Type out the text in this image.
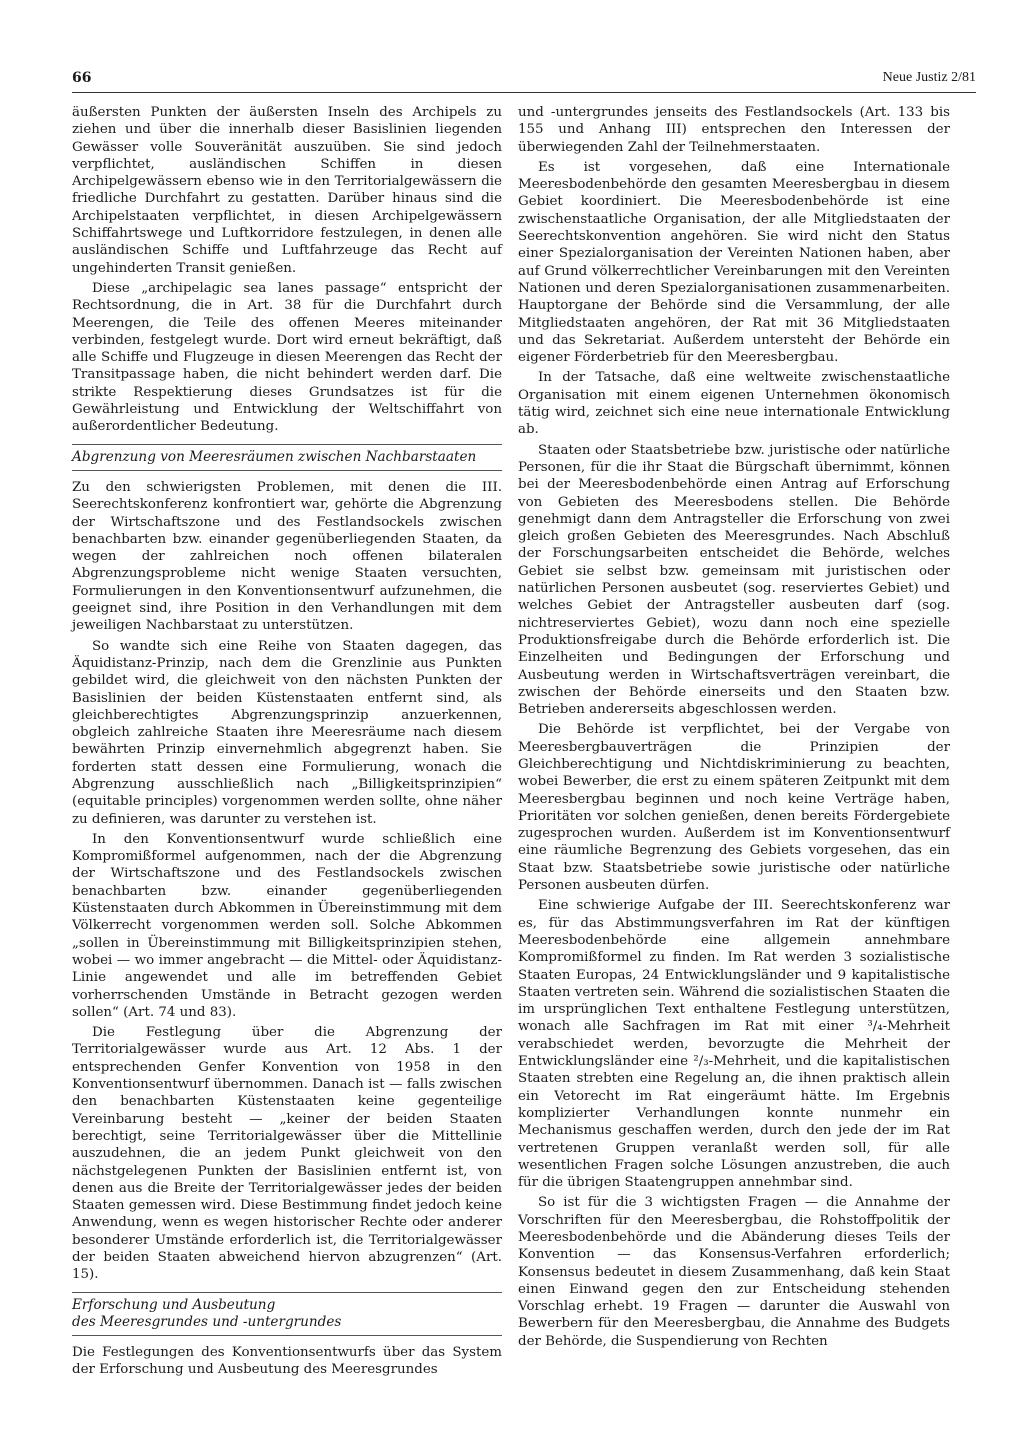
66	Neue Justiz 2/81

äußersten Punkten der äußersten Inseln des Archipels zu ziehen und über die innerhalb dieser Basislinien liegenden Gewässer volle Souveränität auszuüben. Sie sind jedoch verpflichtet, ausländischen Schiffen in diesen Archipelgewässern ebenso wie in den Territorialgewässern die friedliche Durchfahrt zu gestatten. Darüber hinaus sind die Archipelstaaten verpflichtet, in diesen Archipelgewässern Schiffahrtswege und Luftkorridore festzulegen, in denen alle ausländischen Schiffe und Luftfahrzeuge das Recht auf ungehinderten Transit genießen.

Diese „archipelagic sea lanes passage“ entspricht der Rechtsordnung, die in Art. 38 für die Durchfahrt durch Meerengen, die Teile des offenen Meeres miteinander verbinden, festgelegt wurde. Dort wird erneut bekräftigt, daß alle Schiffe und Flugzeuge in diesen Meerengen das Recht der Transitpassage haben, die nicht behindert werden darf. Die strikte Respektierung dieses Grundsatzes ist für die Gewährleistung und Entwicklung der Weltschiffahrt von außerordentlicher Bedeutung.

Abgrenzung von Meeresräumen zwischen Nachbarstaaten

Zu den schwierigsten Problemen, mit denen die III. Seerechtskonferenz konfrontiert war, gehörte die Abgrenzung der Wirtschaftszone und des Festlandsockels zwischen benachbarten bzw. einander gegenüberliegenden Staaten, da wegen der zahlreichen noch offenen bilateralen Abgrenzungsprobleme nicht wenige Staaten versuchten, Formulierungen in den Konventionsentwurf aufzunehmen, die geeignet sind, ihre Position in den Verhandlungen mit dem jeweiligen Nachbarstaat zu unterstützen.

So wandte sich eine Reihe von Staaten dagegen, das Äquidistanz-Prinzip, nach dem die Grenzlinie aus Punkten gebildet wird, die gleichweit von den nächsten Punkten der Basislinien der beiden Küstenstaaten entfernt sind, als gleichberechtigtes Abgrenzungsprinzip anzuerkennen, obgleich zahlreiche Staaten ihre Meeresräume nach diesem bewährten Prinzip einvernehmlich abgegrenzt haben. Sie forderten statt dessen eine Formulierung, wonach die Abgrenzung ausschließlich nach „Billigkeitsprinzipien“ (equitable principles) vorgenommen werden sollte, ohne näher zu definieren, was darunter zu verstehen ist.

In den Konventionsentwurf wurde schließlich eine Kompromißformel aufgenommen, nach der die Abgrenzung der Wirtschaftszone und des Festlandsockels zwischen benachbarten bzw. einander gegenüberliegenden Küstenstaaten durch Abkommen in Übereinstimmung mit dem Völkerrecht vorgenommen werden soll. Solche Abkommen „sollen in Übereinstimmung mit Billigkeitsprinzipien stehen, wobei — wo immer angebracht — die Mittel- oder Äquidistanz-Linie angewendet und alle im betreffenden Gebiet vorherrschenden Umstände in Betracht gezogen werden sollen“ (Art. 74 und 83).

Die Festlegung über die Abgrenzung der Territorialgewässer wurde aus Art. 12 Abs. 1 der entsprechenden Genfer Konvention von 1958 in den Konventionsentwurf übernommen. Danach ist — falls zwischen den benachbarten Küstenstaaten keine gegenteilige Vereinbarung besteht — „keiner der beiden Staaten berechtigt, seine Territorialgewässer über die Mittellinie auszudehnen, die an jedem Punkt gleichweit von den nächstgelegenen Punkten der Basislinien entfernt ist, von denen aus die Breite der Territorialgewässer jedes der beiden Staaten gemessen wird. Diese Bestimmung findet jedoch keine Anwendung, wenn es wegen historischer Rechte oder anderer besonderer Umstände erforderlich ist, die Territorialgewässer der beiden Staaten abweichend hiervon abzugrenzen“ (Art. 15).

Erforschung und Ausbeutung
des Meeresgrundes und -untergrundes

Die Festlegungen des Konventionsentwurfs über das System der Erforschung und Ausbeutung des Meeresgrundes

und -untergrundes jenseits des Festlandsockels (Art. 133 bis 155 und Anhang III) entsprechen den Interessen der überwiegenden Zahl der Teilnehmerstaaten.

Es ist vorgesehen, daß eine Internationale Meeresbodenbehörde den gesamten Meeresbergbau in diesem Gebiet koordiniert. Die Meeresbodenbehörde ist eine zwischenstaatliche Organisation, der alle Mitgliedstaaten der Seerechtskonvention angehören. Sie wird nicht den Status einer Spezialorganisation der Vereinten Nationen haben, aber auf Grund völkerrechtlicher Vereinbarungen mit den Vereinten Nationen und deren Spezialorganisationen zusammenarbeiten. Hauptorgane der Behörde sind die Versammlung, der alle Mitgliedstaaten angehören, der Rat mit 36 Mitgliedstaaten und das Sekretariat. Außerdem untersteht der Behörde ein eigener Förderbetrieb für den Meeresbergbau.

In der Tatsache, daß eine weltweite zwischenstaatliche Organisation mit einem eigenen Unternehmen ökonomisch tätig wird, zeichnet sich eine neue internationale Entwicklung ab.

Staaten oder Staatsbetriebe bzw. juristische oder natürliche Personen, für die ihr Staat die Bürgschaft übernimmt, können bei der Meeresbodenbehörde einen Antrag auf Erforschung von Gebieten des Meeresbodens stellen. Die Behörde genehmigt dann dem Antragsteller die Erforschung von zwei gleich großen Gebieten des Meeresgrundes. Nach Abschluß der Forschungsarbeiten entscheidet die Behörde, welches Gebiet sie selbst bzw. gemeinsam mit juristischen oder natürlichen Personen ausbeutet (sog. reserviertes Gebiet) und welches Gebiet der Antragsteller ausbeuten darf (sog. nichtreserviertes Gebiet), wozu dann noch eine spezielle Produktionsfreigabe durch die Behörde erforderlich ist. Die Einzelheiten und Bedingungen der Erforschung und Ausbeutung werden in Wirtschaftsverträgen vereinbart, die zwischen der Behörde einerseits und den Staaten bzw. Betrieben andererseits abgeschlossen werden.

Die Behörde ist verpflichtet, bei der Vergabe von Meeresbergbauverträgen die Prinzipien der Gleichberechtigung und Nichtdiskriminierung zu beachten, wobei Bewerber, die erst zu einem späteren Zeitpunkt mit dem Meeresbergbau beginnen und noch keine Verträge haben, Prioritäten vor solchen genießen, denen bereits Fördergebiete zugesprochen wurden. Außerdem ist im Konventionsentwurf eine räumliche Begrenzung des Gebiets vorgesehen, das ein Staat bzw. Staatsbetriebe sowie juristische oder natürliche Personen ausbeuten dürfen.

Eine schwierige Aufgabe der III. Seerechtskonferenz war es, für das Abstimmungsverfahren im Rat der künftigen Meeresbodenbehörde eine allgemein annehmbare Kompromißformel zu finden. Im Rat werden 3 sozialistische Staaten Europas, 24 Entwicklungsländer und 9 kapitalistische Staaten vertreten sein. Während die sozialistischen Staaten die im ursprünglichen Text enthaltene Festlegung unterstützen, wonach alle Sachfragen im Rat mit einer ³/₄-Mehrheit verabschiedet werden, bevorzugte die Mehrheit der Entwicklungsländer eine ²/₃-Mehrheit, und die kapitalistischen Staaten strebten eine Regelung an, die ihnen praktisch allein ein Vetorecht im Rat eingeräumt hätte. Im Ergebnis komplizierter Verhandlungen konnte nunmehr ein Mechanismus geschaffen werden, durch den jede der im Rat vertretenen Gruppen veranlaßt werden soll, für alle wesentlichen Fragen solche Lösungen anzustreben, die auch für die übrigen Staatengruppen annehmbar sind.

So ist für die 3 wichtigsten Fragen — die Annahme der Vorschriften für den Meeresbergbau, die Rohstoffpolitik der Meeresbodenbehörde und die Abänderung dieses Teils der Konvention — das Konsensus-Verfahren erforderlich; Konsensus bedeutet in diesem Zusammenhang, daß kein Staat einen Einwand gegen den zur Entscheidung stehenden Vorschlag erhebt. 19 Fragen — darunter die Auswahl von Bewerbern für den Meeresbergbau, die Annahme des Budgets der Behörde, die Suspendierung von Rechten
